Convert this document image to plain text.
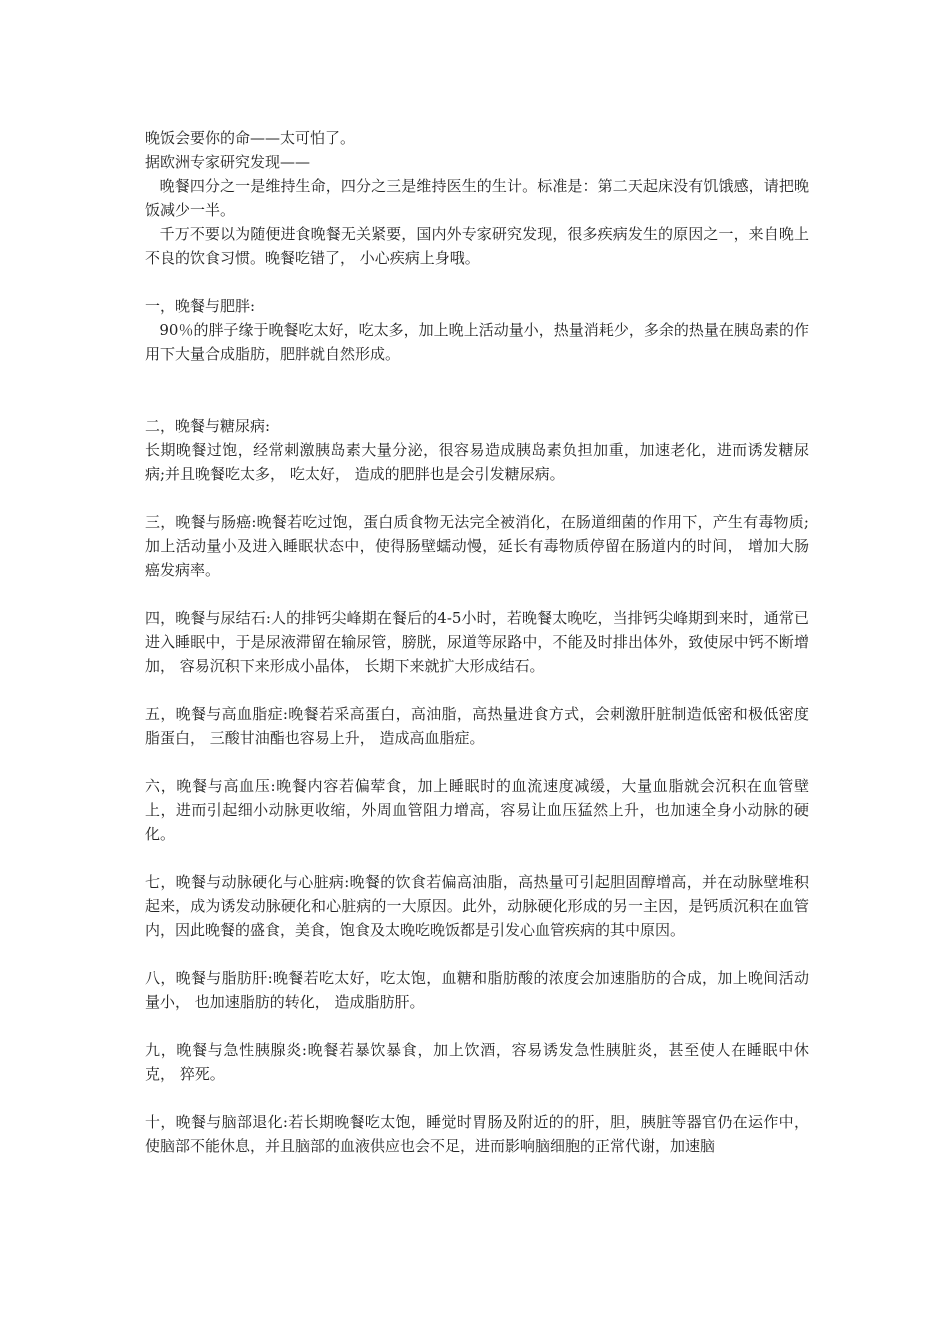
晚饭会要你的命——太可怕了。

据欧洲专家研究发现——

晚餐四分之一是维持生命，四分之三是维持医生的生计。标准是：第二天起床没有饥饿感，请把晚饭减少一半。

千万不要以为随便进食晚餐无关紧要，国内外专家研究发现，很多疾病发生的原因之一，来自晚上不良的饮食习惯。晚餐吃错了， 小心疾病上身哦。

一，晚餐与肥胖:

90％的胖子缘于晚餐吃太好，吃太多，加上晚上活动量小，热量消耗少，多余的热量在胰岛素的作用下大量合成脂肪，肥胖就自然形成。

二，晚餐与糖尿病:

长期晚餐过饱，经常刺激胰岛素大量分泌，很容易造成胰岛素负担加重，加速老化，进而诱发糖尿病;并且晚餐吃太多， 吃太好， 造成的肥胖也是会引发糖尿病。

三，晚餐与肠癌:晚餐若吃过饱，蛋白质食物无法完全被消化，在肠道细菌的作用下，产生有毒物质;加上活动量小及进入睡眠状态中，使得肠壁蠕动慢，延长有毒物质停留在肠道内的时间， 增加大肠癌发病率。

四，晚餐与尿结石:人的排钙尖峰期在餐后的4-5小时，若晚餐太晚吃，当排钙尖峰期到来时，通常已进入睡眠中，于是尿液滞留在输尿管，膀胱，尿道等尿路中，不能及时排出体外，致使尿中钙不断增加， 容易沉积下来形成小晶体， 长期下来就扩大形成结石。

五，晚餐与高血脂症:晚餐若采高蛋白，高油脂，高热量进食方式，会刺激肝脏制造低密和极低密度脂蛋白， 三酸甘油酯也容易上升， 造成高血脂症。

六，晚餐与高血压:晚餐内容若偏荤食，加上睡眠时的血流速度减缓，大量血脂就会沉积在血管壁上，进而引起细小动脉更收缩，外周血管阻力增高，容易让血压猛然上升，也加速全身小动脉的硬化。

七，晚餐与动脉硬化与心脏病:晚餐的饮食若偏高油脂，高热量可引起胆固醇增高，并在动脉壁堆积起来，成为诱发动脉硬化和心脏病的一大原因。此外，动脉硬化形成的另一主因，是钙质沉积在血管内，因此晚餐的盛食，美食，饱食及太晚吃晚饭都是引发心血管疾病的其中原因。

八，晚餐与脂肪肝:晚餐若吃太好，吃太饱，血糖和脂肪酸的浓度会加速脂肪的合成，加上晚间活动量小， 也加速脂肪的转化， 造成脂肪肝。

九，晚餐与急性胰腺炎:晚餐若暴饮暴食，加上饮酒，容易诱发急性胰脏炎，甚至使人在睡眠中休克， 猝死。

十，晚餐与脑部退化:若长期晚餐吃太饱，睡觉时胃肠及附近的的肝，胆，胰脏等器官仍在运作中，使脑部不能休息，并且脑部的血液供应也会不足，进而影响脑细胞的正常代谢，加速脑
